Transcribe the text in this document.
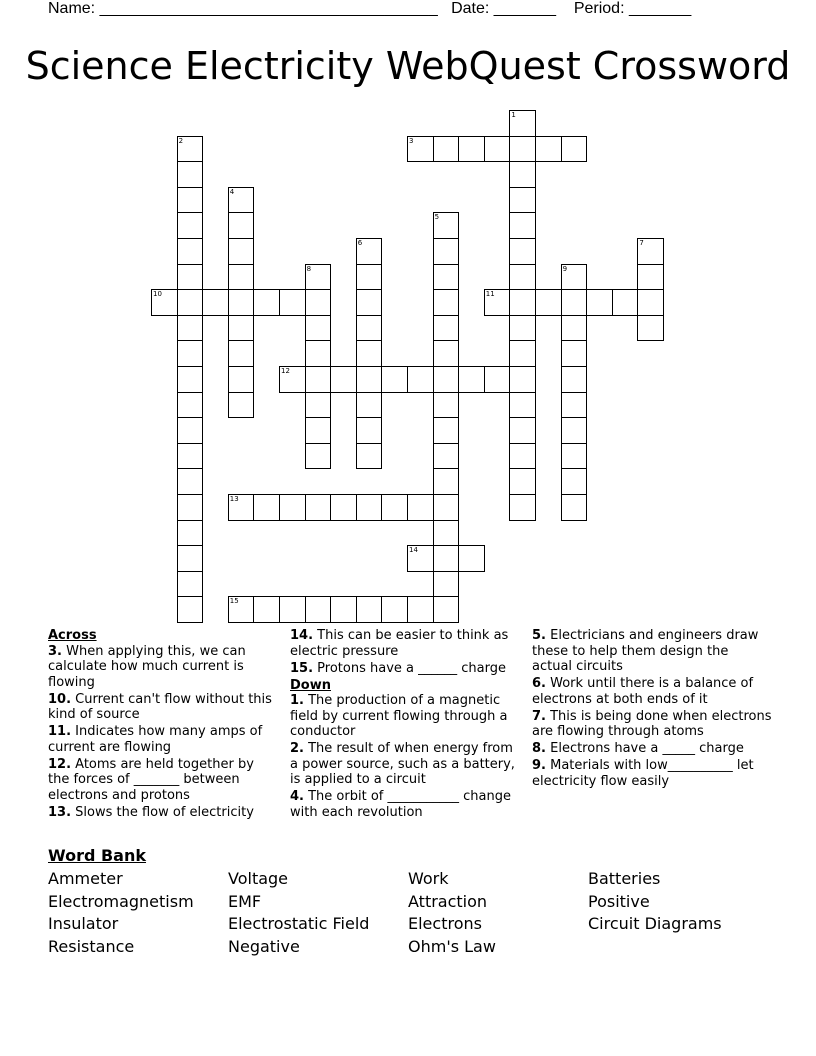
Name: ______________________________________ Date: _______ Period: _______
Science Electricity WebQuest Crossword
1
2	3
4
5
6	7
8	9
10	11
12
13
14
15
Across
3. When applying this, we can calculate how much current is flowing
10. Current can't flow without this kind of source
11. Indicates how many amps of current are flowing
12. Atoms are held together by the forces of _______ between electrons and protons
13. Slows the flow of electricity
14. This can be easier to think as electric pressure
15. Protons have a ______ charge
Down
1. The production of a magnetic field by current flowing through a conductor
2. The result of when energy from a power source, such as a battery, is applied to a circuit
4. The orbit of ___________ change with each revolution
5. Electricians and engineers draw these to help them design the actual circuits
6. Work until there is a balance of electrons at both ends of it
7. This is being done when electrons are flowing through atoms
8. Electrons have a _____ charge
9. Materials with low__________ let electricity flow easily
Word Bank
Ammeter	Voltage	Work	Batteries
Electromagnetism	EMF	Attraction	Positive
Insulator	Electrostatic Field	Electrons	Circuit Diagrams
Resistance	Negative	Ohm's Law
